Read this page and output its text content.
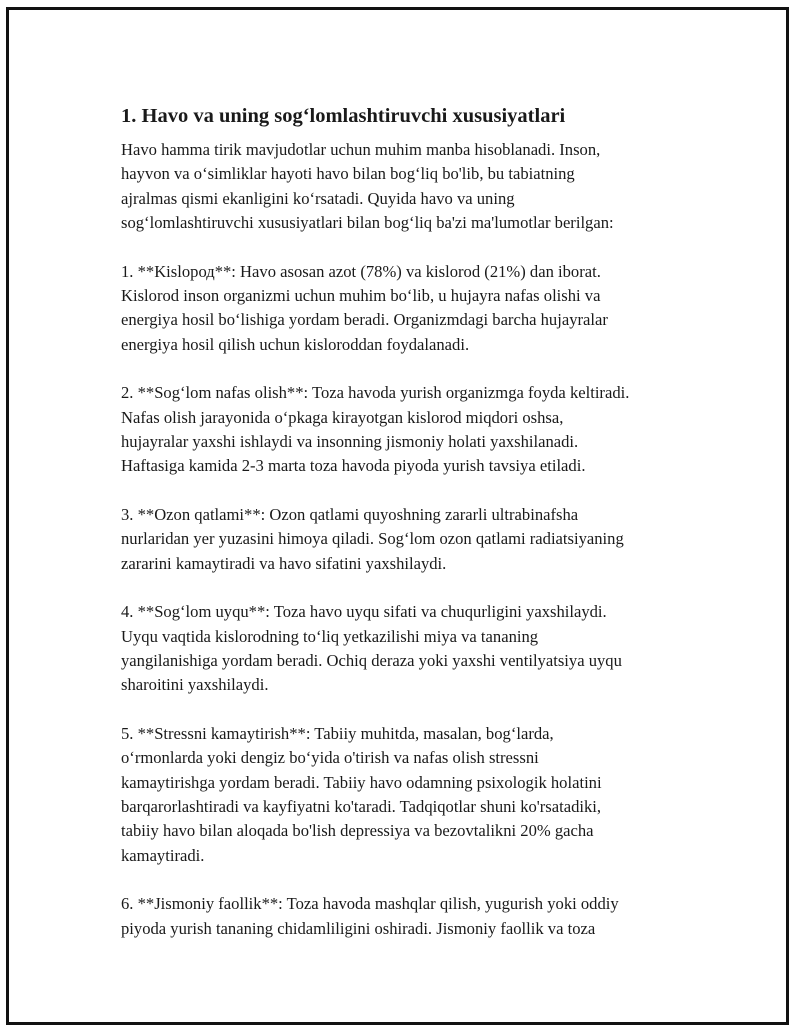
1. Havo va uning sog‘lomlashtiruvchi xususiyatlari

Havo hamma tirik mavjudotlar uchun muhim manba hisoblanadi. Inson,
hayvon va o‘simliklar hayoti havo bilan bog‘liq bo'lib, bu tabiatning
ajralmas qismi ekanligini ko‘rsatadi. Quyida havo va uning
sog‘lomlashtiruvchi xususiyatlari bilan bog‘liq ba'zi ma'lumotlar berilgan:

1. **Kislopод**: Havo asosan azot (78%) va kislorod (21%) dan iborat.
Kislorod inson organizmi uchun muhim bo‘lib, u hujayra nafas olishi va
energiya hosil bo‘lishiga yordam beradi. Organizmdagi barcha hujayralar
energiya hosil qilish uchun kisloroddan foydalanadi.

2. **Sog‘lom nafas olish**: Toza havoda yurish organizmga foyda keltiradi.
Nafas olish jarayonida o‘pkaga kirayotgan kislorod miqdori oshsa,
hujayralar yaxshi ishlaydi va insonning jismoniy holati yaxshilanadi.
Haftasiga kamida 2-3 marta toza havoda piyoda yurish tavsiya etiladi.

3. **Ozon qatlami**: Ozon qatlami quyoshning zararli ultrabinafsha
nurlaridan yer yuzasini himoya qiladi. Sog‘lom ozon qatlami radiatsiyaning
zararini kamaytiradi va havo sifatini yaxshilaydi.

4. **Sog‘lom uyqu**: Toza havo uyqu sifati va chuqurligini yaxshilaydi.
Uyqu vaqtida kislorodning to‘liq yetkazilishi miya va tananing
yangilanishiga yordam beradi. Ochiq deraza yoki yaxshi ventilyatsiya uyqu
sharoitini yaxshilaydi.

5. **Stressni kamaytirish**: Tabiiy muhitda, masalan, bog‘larda,
o‘rmonlarda yoki dengiz bo‘yida o'tirish va nafas olish stressni
kamaytirishga yordam beradi. Tabiiy havo odamning psixologik holatini
barqarorlashtiradi va kayfiyatni ko'taradi. Tadqiqotlar shuni ko'rsatadiki,
tabiiy havo bilan aloqada bo'lish depressiya va bezovtalikni 20% gacha
kamaytiradi.

6. **Jismoniy faollik**: Toza havoda mashqlar qilish, yugurish yoki oddiy
piyoda yurish tananing chidamliligini oshiradi. Jismoniy faollik va toza
